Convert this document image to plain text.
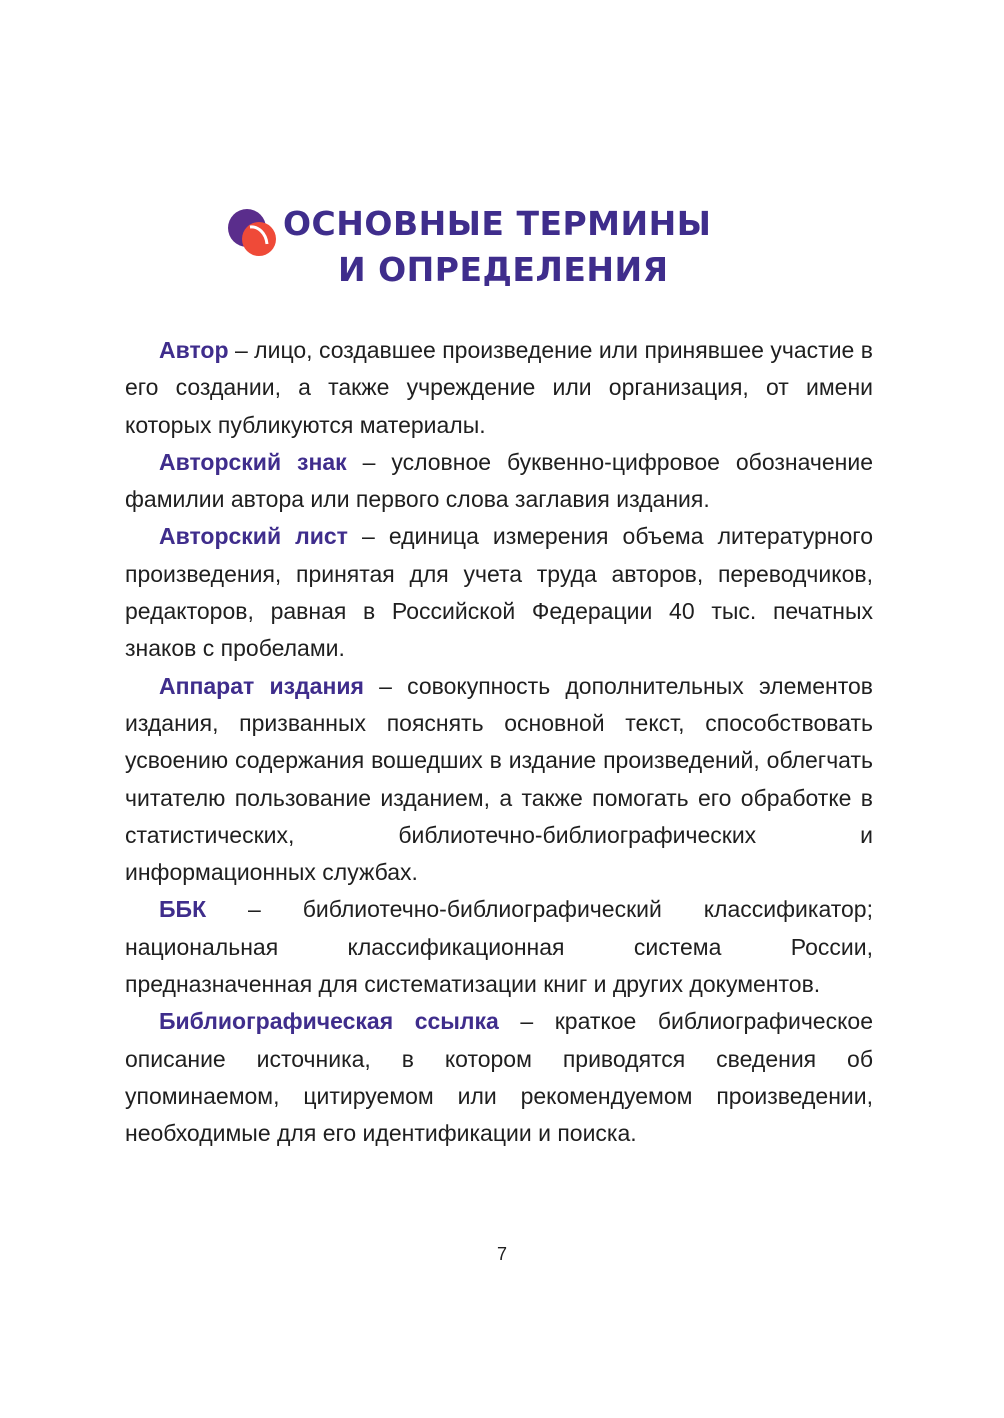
ОСНОВНЫЕ ТЕРМИНЫ
И ОПРЕДЕЛЕНИЯ

Автор – лицо, создавшее произведение или принявшее участие в его создании, а также учреждение или организация, от имени которых публикуются материалы.

Авторский знак – условное буквенно-цифровое обозначение фамилии автора или первого слова заглавия издания.

Авторский лист – единица измерения объема литературного произведения, принятая для учета труда авторов, переводчиков, редакторов, равная в Российской Федерации 40 тыс. печатных знаков с пробелами.

Аппарат издания – совокупность дополнительных элементов издания, призванных пояснять основной текст, способствовать усвоению содержания вошедших в издание произведений, облегчать читателю пользование изданием, а также помогать его обработке в статистических, библиотечно-библиографических и информационных службах.

ББК – библиотечно-библиографический классификатор; национальная классификационная система России, предназначенная для систематизации книг и других документов.

Библиографическая ссылка – краткое библиографическое описание источника, в котором приводятся сведения об упоминаемом, цитируемом или рекомендуемом произведении, необходимые для его идентификации и поиска.

7
